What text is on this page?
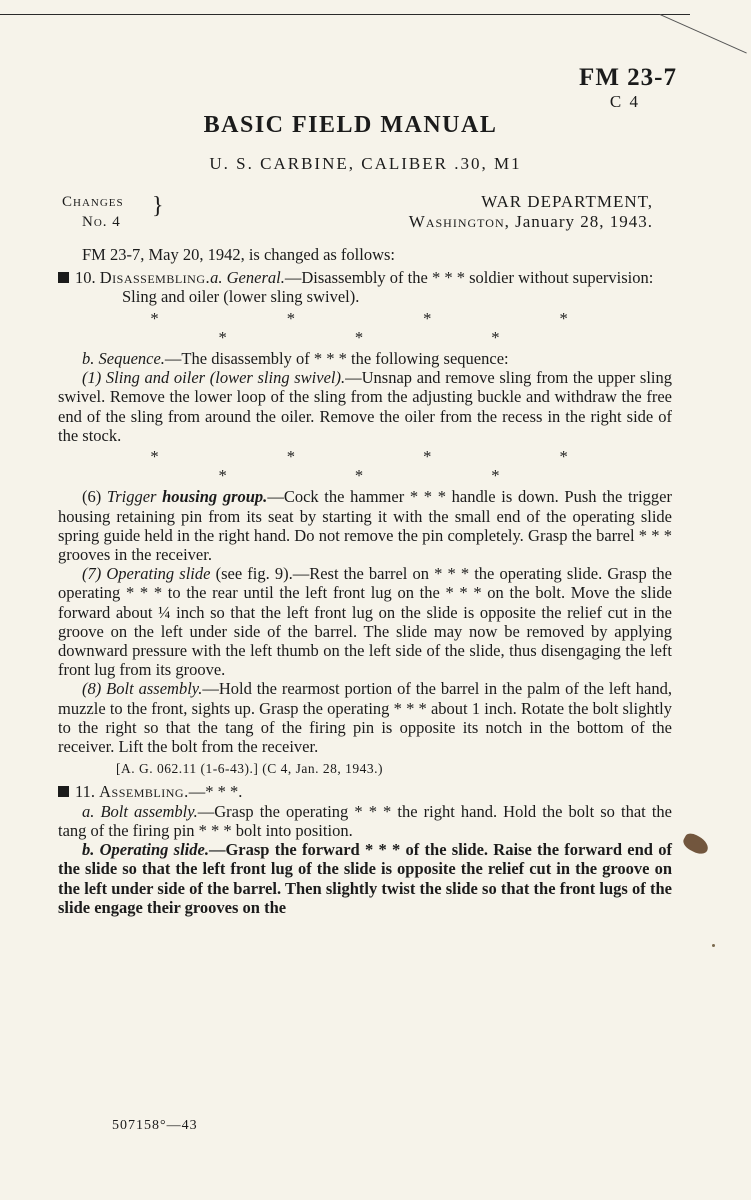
FM 23-7
C 4
BASIC FIELD MANUAL
U. S. CARBINE, CALIBER .30, M1
Changes
No. 4
}	WAR DEPARTMENT,
Washington, January 28, 1943.

FM 23-7, May 20, 1942, is changed as follows:

10. Disassembling.a. General.—Disassembly of the * * * soldier without supervision:

Sling and oiler (lower sling swivel).

* * * * * * *

b. Sequence.—The disassembly of * * * the following sequence:

(1) Sling and oiler (lower sling swivel).—Unsnap and remove sling from the upper sling swivel. Remove the lower loop of the sling from the adjusting buckle and withdraw the free end of the sling from around the oiler. Remove the oiler from the recess in the right side of the stock.

* * * * * * *

(6) Trigger housing group.—Cock the hammer * * * handle is down. Push the trigger housing retaining pin from its seat by starting it with the small end of the operating slide spring guide held in the right hand. Do not remove the pin completely. Grasp the barrel * * * grooves in the receiver.

(7) Operating slide (see fig. 9).—Rest the barrel on * * * the operating slide. Grasp the operating * * * to the rear until the left front lug on the * * * on the bolt. Move the slide forward about ¼ inch so that the left front lug on the slide is opposite the relief cut in the groove on the left under side of the barrel. The slide may now be removed by applying downward pressure with the left thumb on the left side of the slide, thus disengaging the left front lug from its groove.

(8) Bolt assembly.—Hold the rearmost portion of the barrel in the palm of the left hand, muzzle to the front, sights up. Grasp the operating * * * about 1 inch. Rotate the bolt slightly to the right so that the tang of the firing pin is opposite its notch in the bottom of the receiver. Lift the bolt from the receiver.

[A. G. 062.11 (1-6-43).] (C 4, Jan. 28, 1943.)

11. Assembling.—* * *.

a. Bolt assembly.—Grasp the operating * * * the right hand. Hold the bolt so that the tang of the firing pin * * * bolt into position.

b. Operating slide.—Grasp the forward * * * of the slide. Raise the forward end of the slide so that the left front lug of the slide is opposite the relief cut in the groove on the left under side of the barrel. Then slightly twist the slide so that the front lugs of the slide engage their grooves on the

507158°—43
